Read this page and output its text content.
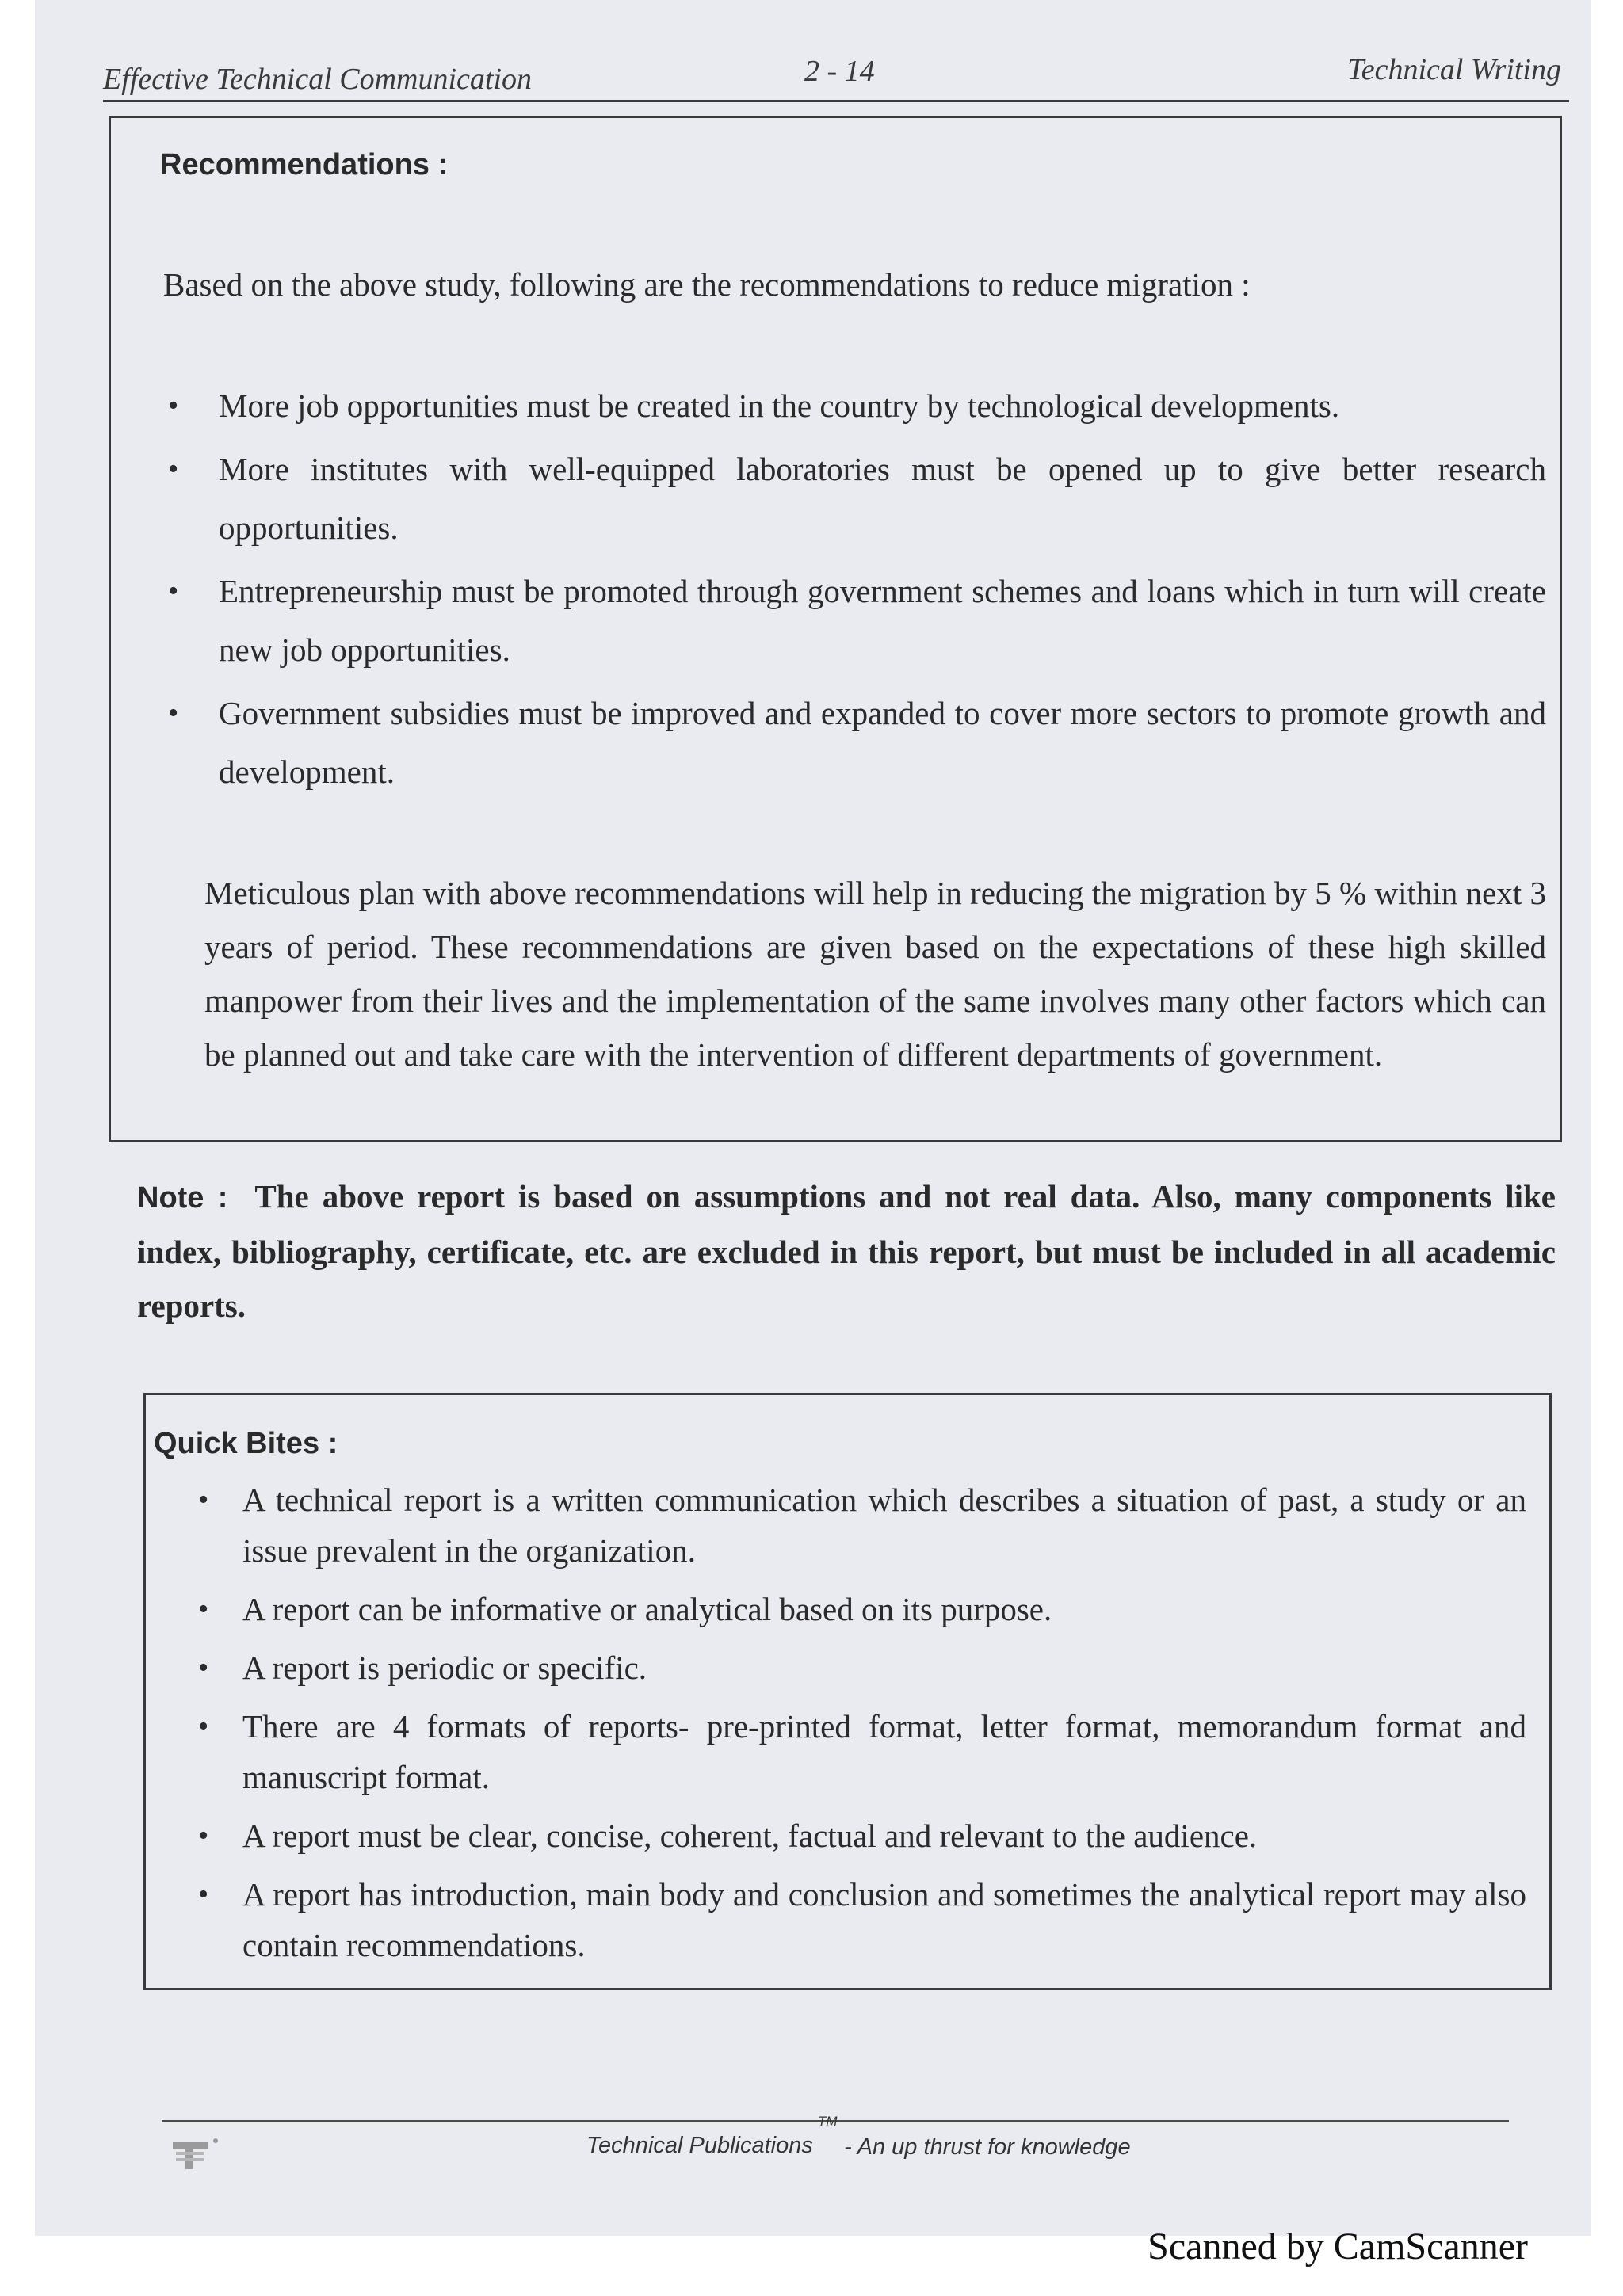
Effective Technical Communication	2 - 14	Technical Writing
Recommendations :
Based on the above study, following are the recommendations to reduce migration :
• More job opportunities must be created in the country by technological developments.
• More institutes with well-equipped laboratories must be opened up to give better research opportunities.
• Entrepreneurship must be promoted through government schemes and loans which in turn will create new job opportunities.
• Government subsidies must be improved and expanded to cover more sectors to promote growth and development.
Meticulous plan with above recommendations will help in reducing the migration by 5 % within next 3 years of period. These recommendations are given based on the expectations of these high skilled manpower from their lives and the implementation of the same involves many other factors which can be planned out and take care with the intervention of different departments of government.
Note : The above report is based on assumptions and not real data. Also, many components like index, bibliography, certificate, etc. are excluded in this report, but must be included in all academic reports.
Quick Bites :
• A technical report is a written communication which describes a situation of past, a study or an issue prevalent in the organization.
• A report can be informative or analytical based on its purpose.
• A report is periodic or specific.
• There are 4 formats of reports- pre-printed format, letter format, memorandum format and manuscript format.
• A report must be clear, concise, coherent, factual and relevant to the audience.
• A report has introduction, main body and conclusion and sometimes the analytical report may also contain recommendations.
Technical Publications
TM
- An up thrust for knowledge
Scanned by CamScanner
